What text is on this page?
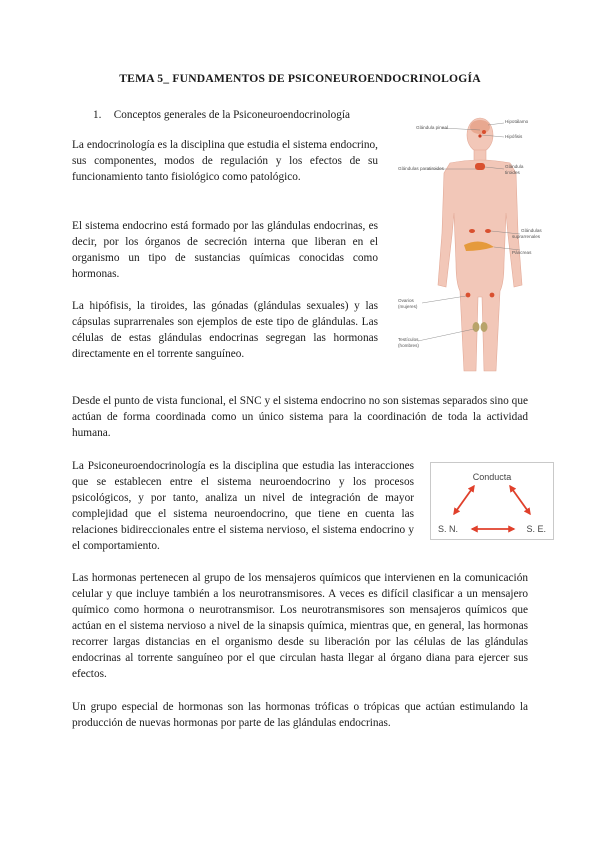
TEMA 5_ FUNDAMENTOS DE PSICONEUROENDOCRINOLOGÍA
1. Conceptos generales de la Psiconeuroendocrinología

La endocrinología es la disciplina que estudia el sistema endocrino, sus componentes, modos de regulación y los efectos de su funcionamiento tanto fisiológico como patológico.

El sistema endocrino está formado por las glándulas endocrinas, es decir, por los órganos de secreción interna que liberan en el organismo un tipo de sustancias químicas conocidas como hormonas.

La hipófisis, la tiroides, las gónadas (glándulas sexuales) y las cápsulas suprarrenales son ejemplos de este tipo de glándulas. Las células de estas glándulas endocrinas segregan las hormonas directamente en el torrente sanguíneo.

Desde el punto de vista funcional, el SNC y el sistema endocrino no son sistemas separados sino que actúan de forma coordinada como un único sistema para la coordinación de toda la actividad humana.

La Psiconeuroendocrinología es la disciplina que estudia las interacciones que se establecen entre el sistema neuroendocrino y los procesos psicológicos, y por tanto, analiza un nivel de integración de mayor complejidad que el sistema neuroendocrino, que tiene en cuenta las relaciones bidireccionales entre el sistema nervioso, el sistema endocrino y el comportamiento.

Las hormonas pertenecen al grupo de los mensajeros químicos que intervienen en la comunicación celular y que incluye también a los neurotransmisores. A veces es difícil clasificar a un mensajero químico como hormona o neurotransmisor. Los neurotransmisores son mensajeros químicos que actúan en el sistema nervioso a nivel de la sinapsis química, mientras que, en general, las hormonas recorrer largas distancias en el organismo desde su liberación por las células de las glándulas endocrinas al torrente sanguíneo por el que circulan hasta llegar al órgano diana para ejercer sus efectos.

Un grupo especial de hormonas son las hormonas tróficas o trópicas que actúan estimulando la producción de nuevas hormonas por parte de las glándulas endocrinas.

Hipotálamo
Glándula pineal
Hipófisis
Glándulas paratiroides	Glándula
tiroides
Glándulas
suprarrenales
Páncreas
Ovarios
(mujeres)
Testículos
(hombres)
Conducta
S. N.	S. E.
